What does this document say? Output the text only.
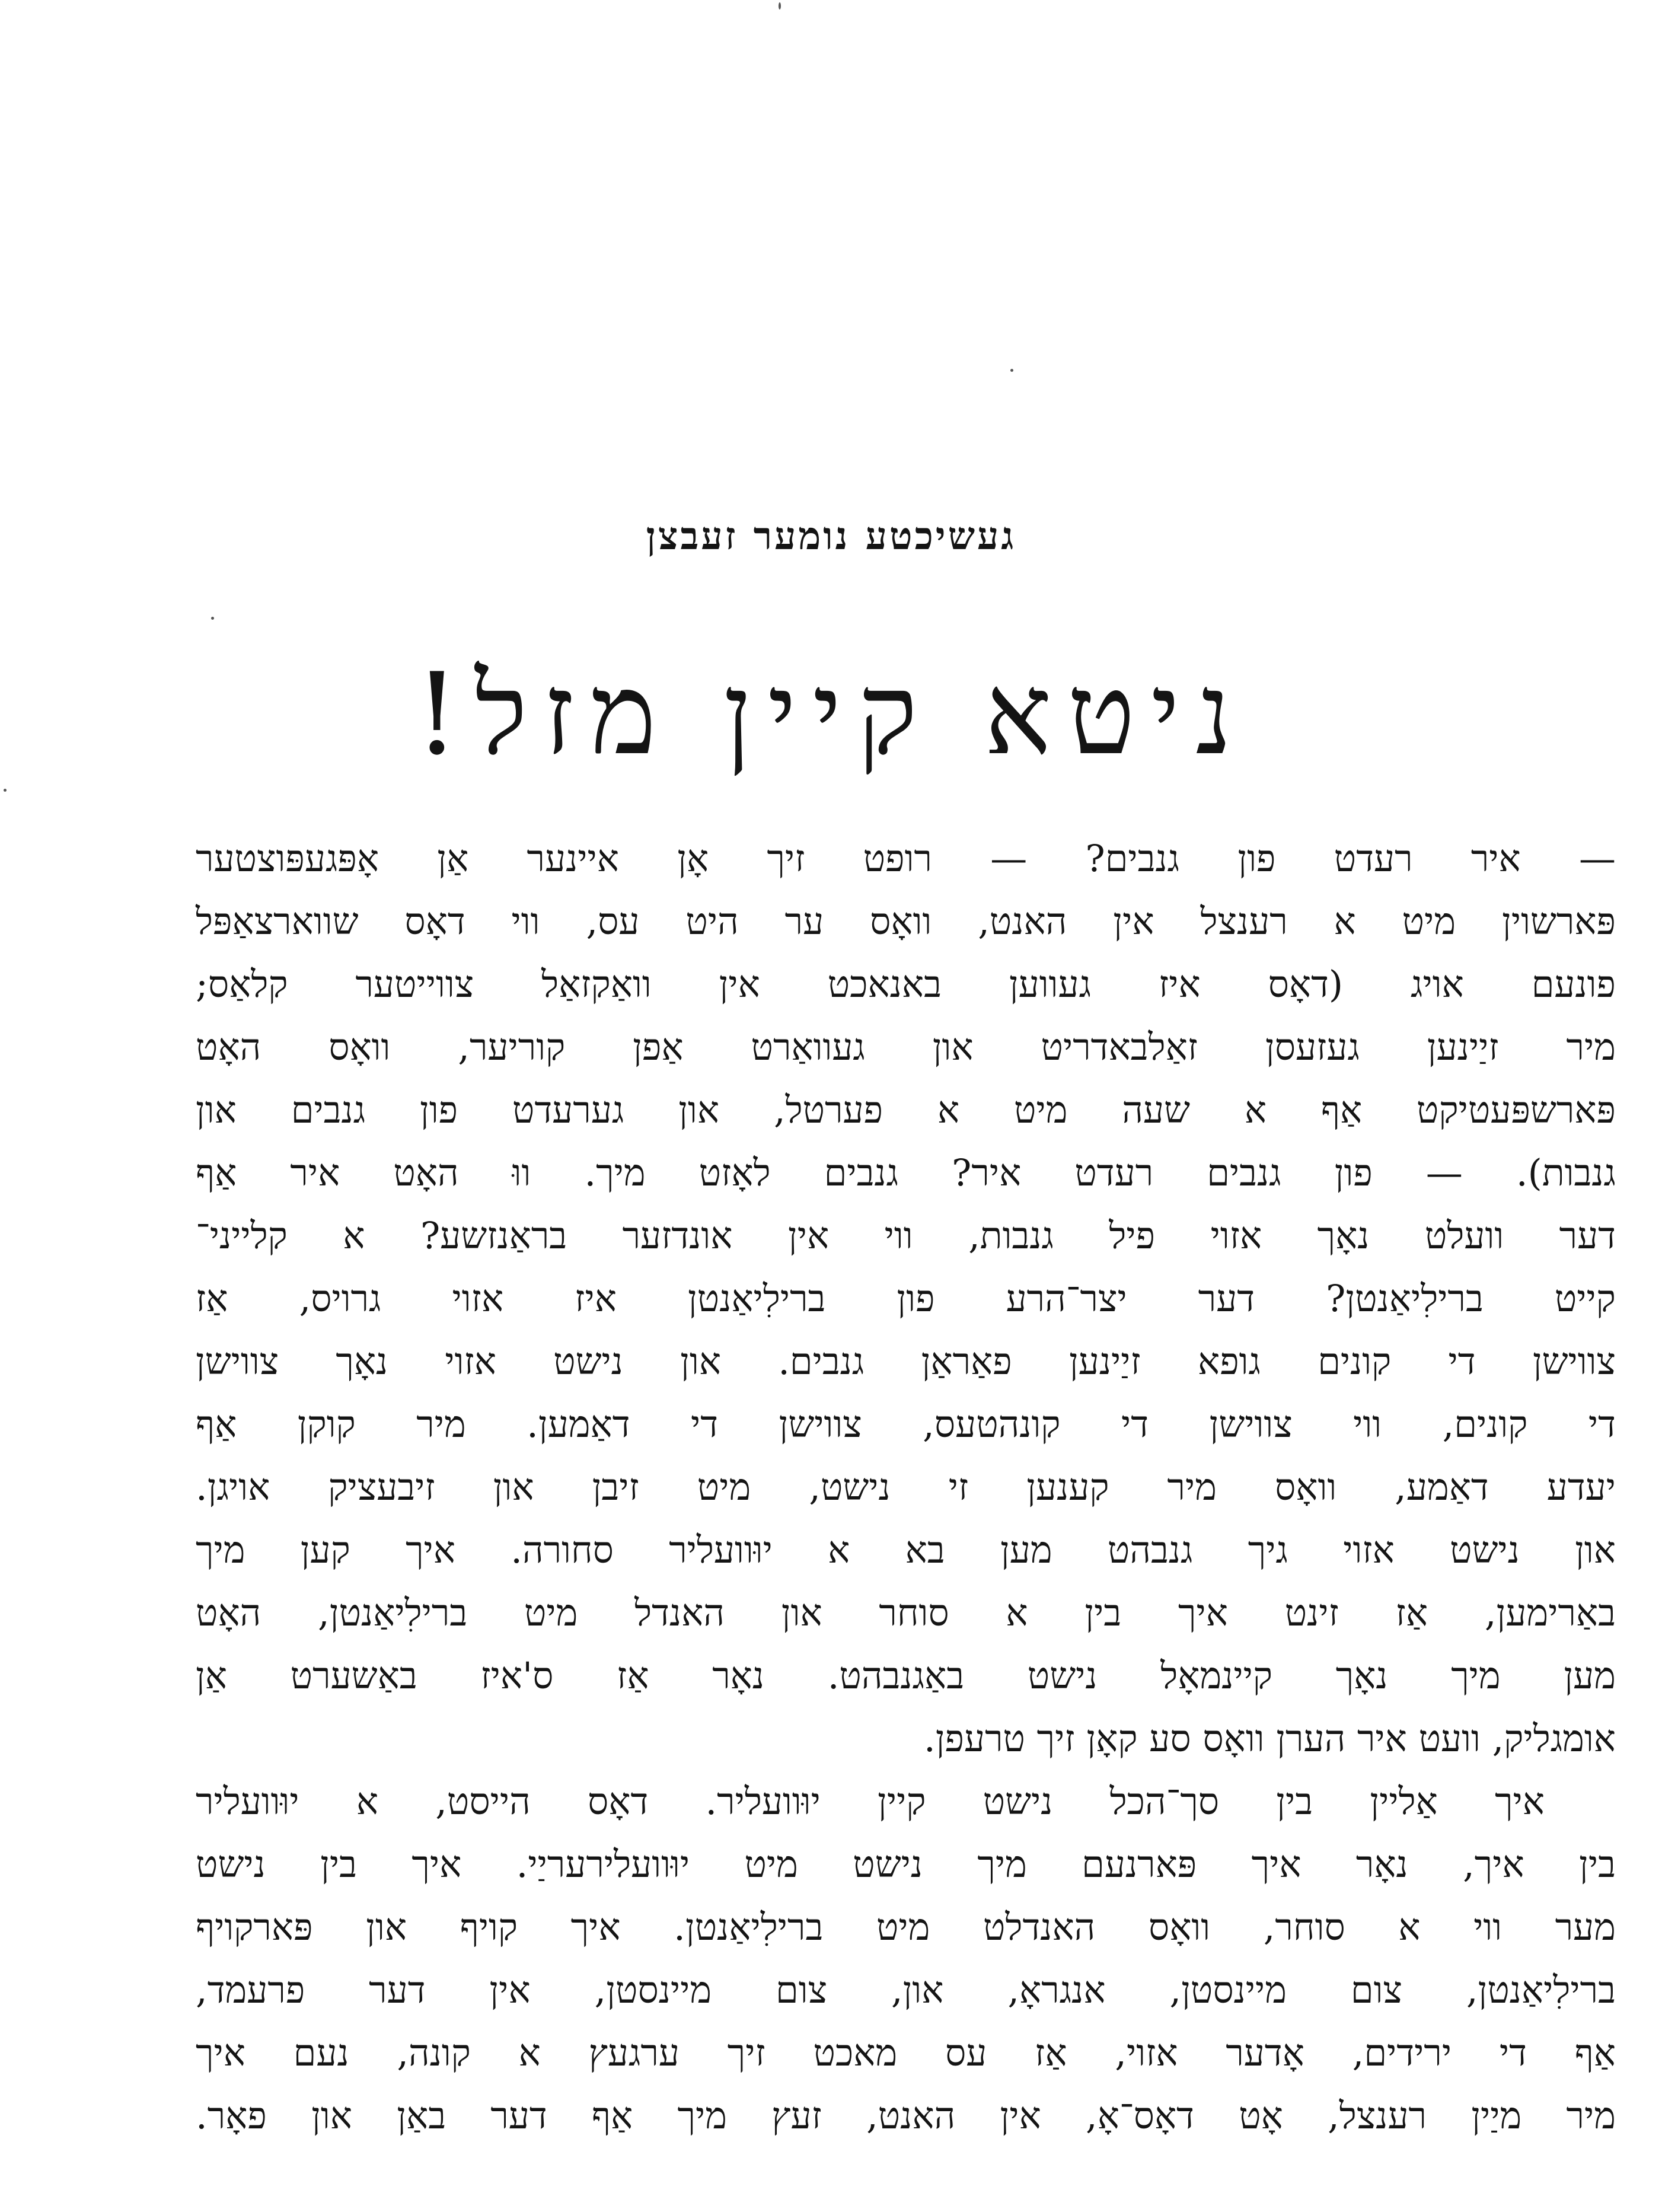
געשיכטע נומער זעבצן
ניטא קיין מזל!
— איר רעדט פון גנבים? — רופט זיך אָן איינער אַן אָפּגעפּוצטער
פּארשוין מיט א רענצל אין האנט, וואָס ער היט עס, ווי דאָס שווארצאַפּל
פונעם אויג (דאָס איז געווען באנאכט אין וואַקזאַל צווייטער קלאַס;
מיר זיַינען געזעסן זאַלבאדריט און געוואַרט אַפן קוריער, וואָס האָט
פּארשפּעטיקט אַף א שעה מיט א פערטל, און גערעדט פון גנבים און
גנבות). — פון גנבים רעדט איר? גנבים לאָזט מיך. ווּ האָט איר אַף
דער וועלט נאָך אזוי פיל גנבות, ווי אין אונדזער בראַנזשע? א קלייני־
קייט ברילִיאַנטן? דער יצר־הרע פון ברילִיאַנטן איז אזוי גרויס, אַז
צווישן די קונים גופא זיַינען פאַראַן גנבים. און נישט אזוי נאָך צווישן
די קונים, ווי צווישן די קונהטעס, צווישן די דאַמען. מיר קוקן אַף
יעדע דאַמע, וואָס מיר קענען זי נישט, מיט זיבן און זיבעציק אויגן.
און נישט אזוי גיך גנבהט מען בא א יוּוועליר סחורה. איך קען מיך
באַרימען, אַז זינט איך בין א סוחר און האנדל מיט ברילִיאַנטן, האָט
מען מיך נאָך קיינמאָל נישט באַגנבהט. נאָר אַז ס'איז באַשערט אַן
אומגליק, וועט איר הערן וואָס סע קאָן זיך טרעפן.
איך אַליין בין סך־הכל נישט קיין יוּוועליר. דאָס הייסט, א יוּוועליר
בין איך, נאָר איך פּארנעם מיך נישט מיט יוּוועלירעריַי. איך בין נישט
מער ווי א סוחר, וואָס האנדלט מיט ברילִיאַנטן. איך קויף און פּארקויף
ברילִיאַנטן, צום מיינסטן, אנגראָ, און, צום מיינסטן, אין דער פרעמד,
אַף די ירידים, אָדער אזוי, אַז עס מאכט זיך ערגעץ א קונה, נעם איך
מיר מיַין רענצל, אָט דאָס־אָ, אין האנט, זעץ מיך אַף דער באַן און פאָר.
